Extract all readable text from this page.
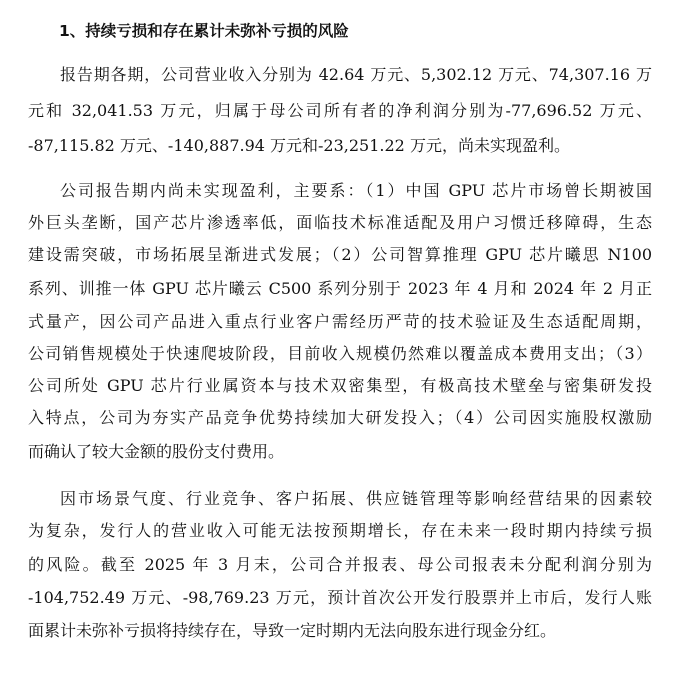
1、持续亏损和存在累计未弥补亏损的风险
报告期各期，公司营业收入分别为 42.64 万元、5,302.12 万元、74,307.16 万
元和 32,041.53 万元，归属于母公司所有者的净利润分别为-77,696.52 万元、
-87,115.82 万元、-140,887.94 万元和-23,251.22 万元，尚未实现盈利。
公司报告期内尚未实现盈利，主要系：（1）中国 GPU 芯片市场曾长期被国
外巨头垄断，国产芯片渗透率低，面临技术标准适配及用户习惯迁移障碍，生态
建设需突破，市场拓展呈渐进式发展；（2）公司智算推理 GPU 芯片曦思 N100
系列、训推一体 GPU 芯片曦云 C500 系列分别于 2023 年 4 月和 2024 年 2 月正
式量产，因公司产品进入重点行业客户需经历严苛的技术验证及生态适配周期，
公司销售规模处于快速爬坡阶段，目前收入规模仍然难以覆盖成本费用支出；（3）
公司所处 GPU 芯片行业属资本与技术双密集型，有极高技术壁垒与密集研发投
入特点，公司为夯实产品竞争优势持续加大研发投入；（4）公司因实施股权激励
而确认了较大金额的股份支付费用。
因市场景气度、行业竞争、客户拓展、供应链管理等影响经营结果的因素较
为复杂，发行人的营业收入可能无法按预期增长，存在未来一段时期内持续亏损
的风险。截至 2025 年 3 月末，公司合并报表、母公司报表未分配利润分别为
-104,752.49 万元、-98,769.23 万元，预计首次公开发行股票并上市后，发行人账
面累计未弥补亏损将持续存在，导致一定时期内无法向股东进行现金分红。
